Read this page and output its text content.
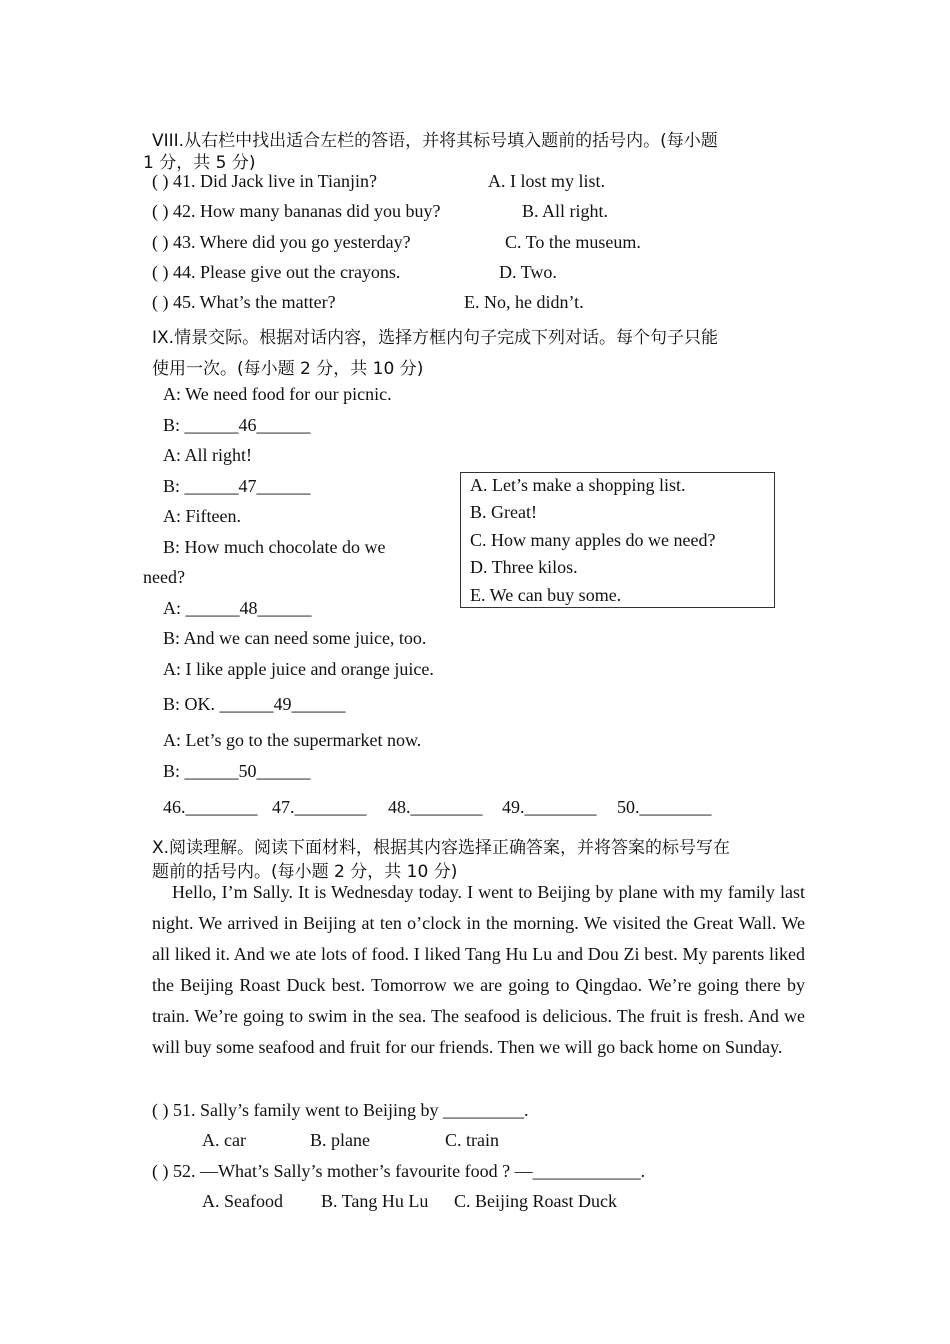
VIII.从右栏中找出适合左栏的答语，并将其标号填入题前的括号内。(每小题
1 分，共 5 分)
( ) 41. Did Jack live in Tianjin?	A. I lost my list.
( ) 42. How many bananas did you buy?	B. All right.
( ) 43. Where did you go yesterday?	C. To the museum.
( ) 44. Please give out the crayons.	D. Two.
( ) 45. What’s the matter?	E. No, he didn’t.
IX.情景交际。根据对话内容，选择方框内句子完成下列对话。每个句子只能
使用一次。(每小题 2 分，共 10 分)
A: We need food for our picnic.
B: ______46______
A: All right!
B: ______47______
A: Fifteen.
B: How much chocolate do we
need?
A: ______48______
B: And we can need some juice, too.
A: I like apple juice and orange juice.
B: OK. ______49______
A: Let’s go to the supermarket now.
B: ______50______
A. Let’s make a shopping list.
B. Great!
C. How many apples do we need?
D. Three kilos.
E. We can buy some.
46.________ 47.________ 48.________ 49.________ 50.________
X.阅读理解。阅读下面材料，根据其内容选择正确答案，并将答案的标号写在
题前的括号内。(每小题 2 分，共 10 分)
Hello, I’m Sally. It is Wednesday today. I went to Beijing by plane with my family last night. We arrived in Beijing at ten o’clock in the morning. We visited the Great Wall. We all liked it. And we ate lots of food. I liked Tang Hu Lu and Dou Zi best. My parents liked the Beijing Roast Duck best. Tomorrow we are going to Qingdao. We’re going there by train. We’re going to swim in the sea. The seafood is delicious. The fruit is fresh. And we will buy some seafood and fruit for our friends. Then we will go back home on Sunday.
( ) 51. Sally’s family went to Beijing by _________.
A. car	B. plane	C. train
( ) 52. —What’s Sally’s mother’s favourite food ? —____________.
A. Seafood B. Tang Hu Lu C. Beijing Roast Duck
